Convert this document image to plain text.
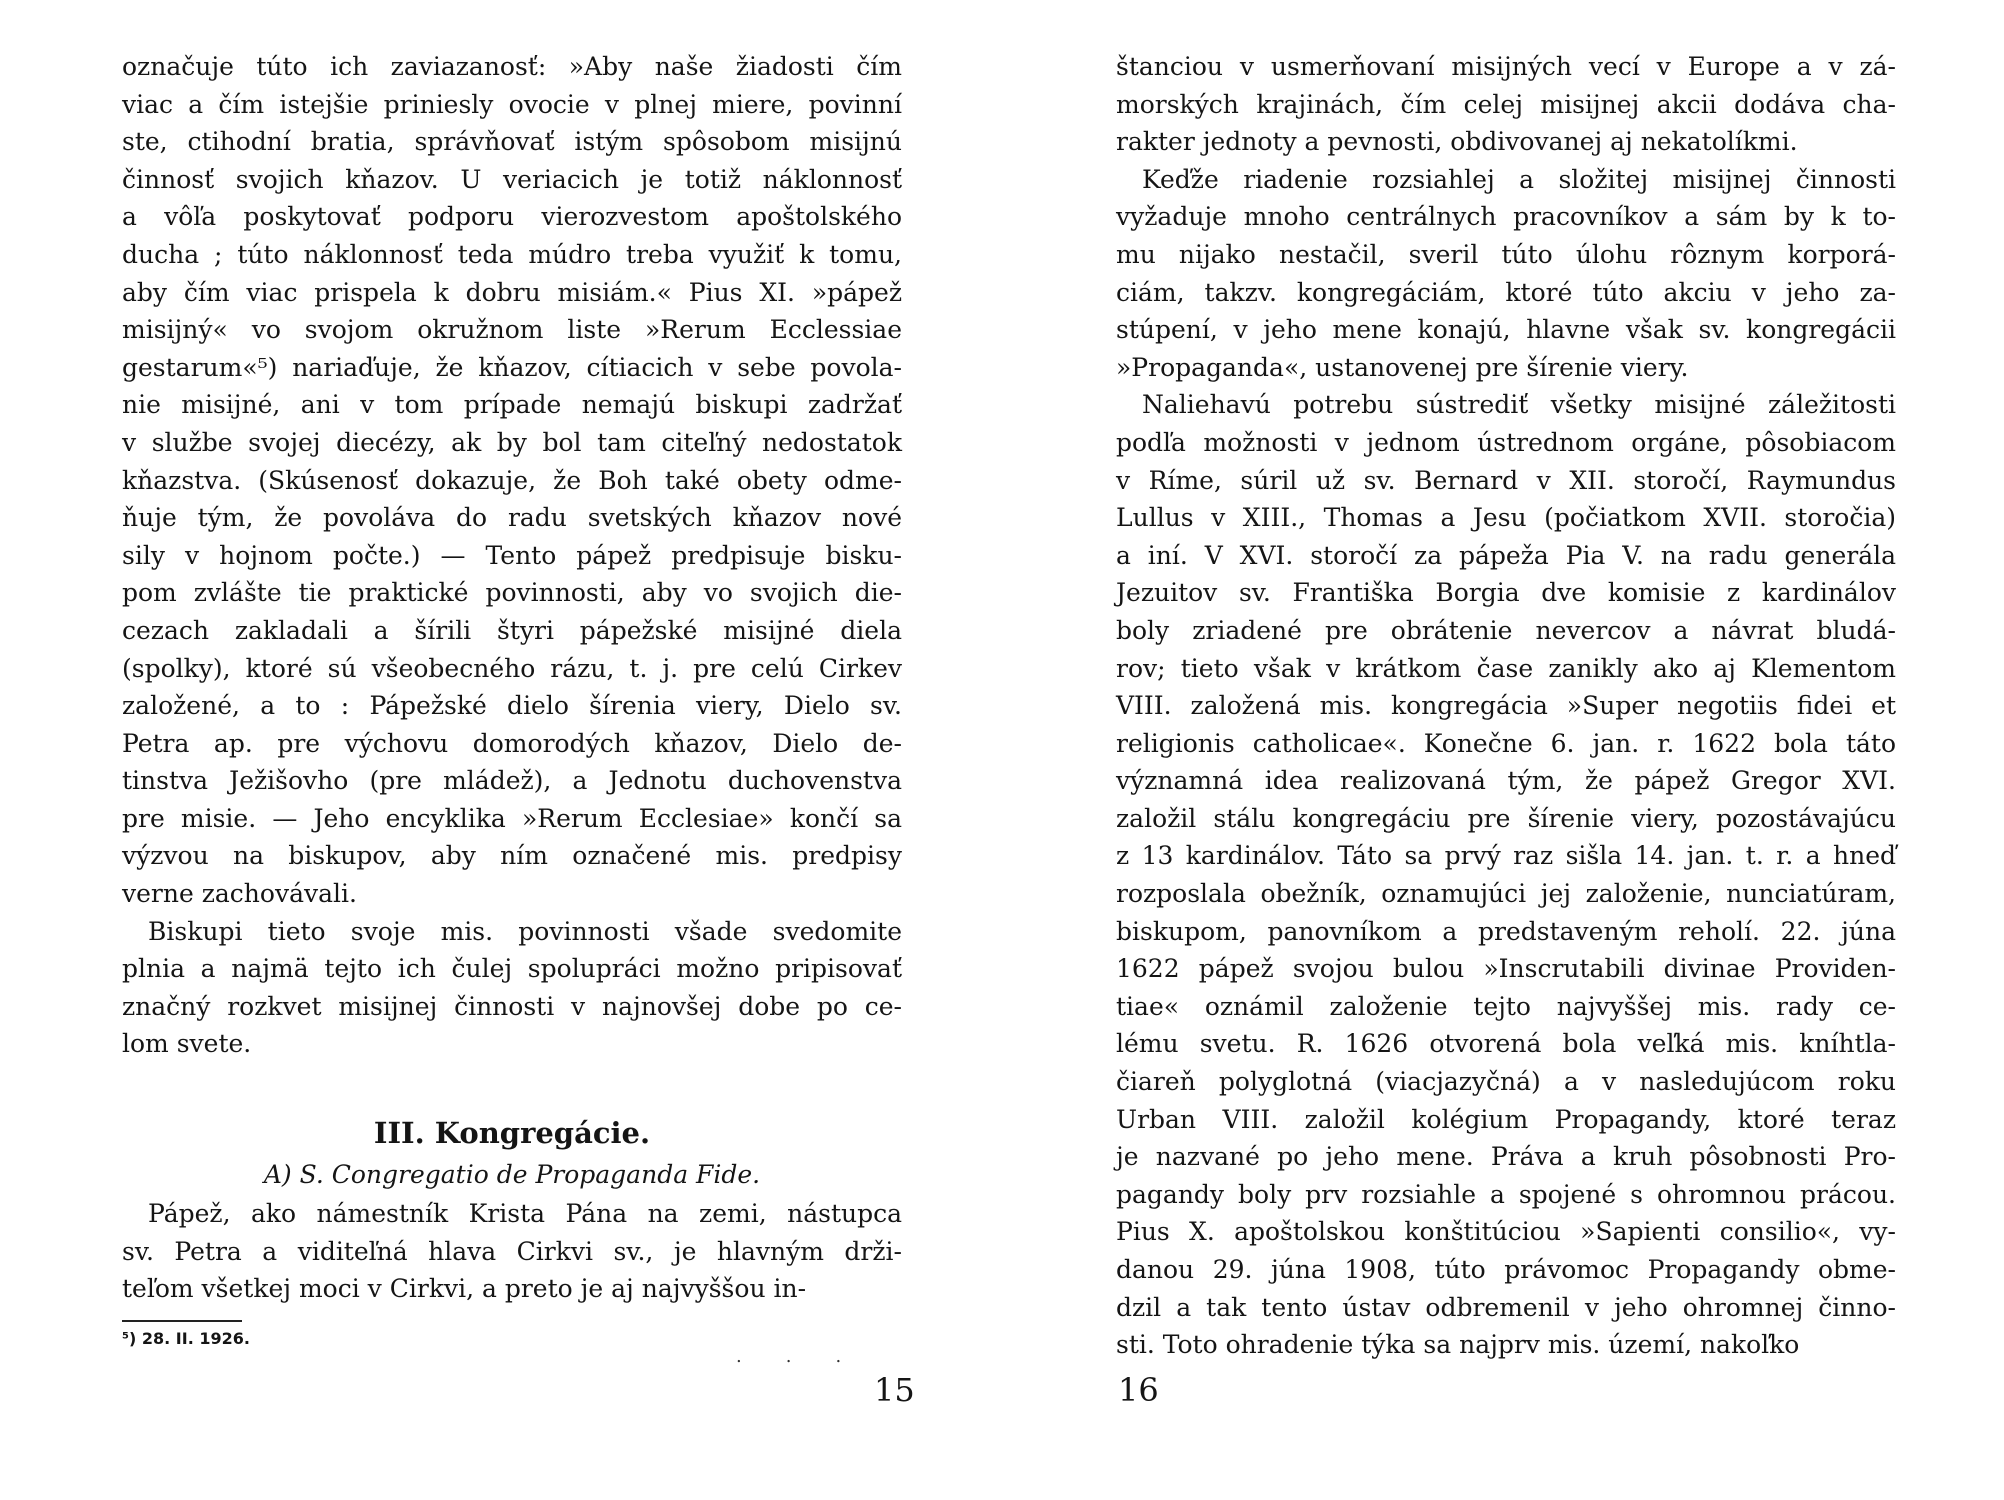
označuje túto ich zaviazanosť: »Aby naše žiadosti čím
viac a čím istejšie priniesly ovocie v plnej miere, povinní
ste, ctihodní bratia, správňovať istým spôsobom misijnú
činnosť svojich kňazov. U veriacich je totiž náklonnosť
a vôľa poskytovať podporu vierozvestom apoštolského
ducha ; túto náklonnosť teda múdro treba využiť k tomu,
aby čím viac prispela k dobru misiám.« Pius XI. »pápež
misijný« vo svojom okružnom liste »Rerum Ecclessiae
gestarum«⁵) nariaďuje, že kňazov, cítiacich v sebe povola-
nie misijné, ani v tom prípade nemajú biskupi zadržať
v službe svojej diecézy, ak by bol tam citeľný nedostatok
kňazstva. (Skúsenosť dokazuje, že Boh také obety odme-
ňuje tým, že povoláva do radu svetských kňazov nové
sily v hojnom počte.) — Tento pápež predpisuje bisku-
pom zvlášte tie praktické povinnosti, aby vo svojich die-
cezach zakladali a šírili štyri pápežské misijné diela
(spolky), ktoré sú všeobecného rázu, t. j. pre celú Cirkev
založené, a to : Pápežské dielo šírenia viery, Dielo sv.
Petra ap. pre výchovu domorodých kňazov, Dielo de-
tinstva Ježišovho (pre mládež), a Jednotu duchovenstva
pre misie. — Jeho encyklika »Rerum Ecclesiae» končí sa
výzvou na biskupov, aby ním označené mis. predpisy
verne zachovávali.
Biskupi tieto svoje mis. povinnosti všade svedomite
plnia a najmä tejto ich čulej spolupráci možno pripisovať
značný rozkvet misijnej činnosti v najnovšej dobe po ce-
lom svete.
III. Kongregácie.
A) S. Congregatio de Propaganda Fide.
Pápež, ako námestník Krista Pána na zemi, nástupca
sv. Petra a viditeľná hlava Cirkvi sv., je hlavným drži-
teľom všetkej moci v Cirkvi, a preto je aj najvyššou in-
⁵) 28. II. 1926.
...
15
štanciou v usmerňovaní misijných vecí v Europe a v zá-
morských krajinách, čím celej misijnej akcii dodáva cha-
rakter jednoty a pevnosti, obdivovanej aj nekatolíkmi.
Keďže riadenie rozsiahlej a složitej misijnej činnosti
vyžaduje mnoho centrálnych pracovníkov a sám by k to-
mu nijako nestačil, sveril túto úlohu rôznym korporá-
ciám, takzv. kongregáciám, ktoré túto akciu v jeho za-
stúpení, v jeho mene konajú, hlavne však sv. kongregácii
»Propaganda«, ustanovenej pre šírenie viery.
Naliehavú potrebu sústrediť všetky misijné záležitosti
podľa možnosti v jednom ústrednom orgáne, pôsobiacom
v Ríme, súril už sv. Bernard v XII. storočí, Raymundus
Lullus v XIII., Thomas a Jesu (počiatkom XVII. storočia)
a iní. V XVI. storočí za pápeža Pia V. na radu generála
Jezuitov sv. Františka Borgia dve komisie z kardinálov
boly zriadené pre obrátenie nevercov a návrat bludá-
rov; tieto však v krátkom čase zanikly ako aj Klementom
VIII. založená mis. kongregácia »Super negotiis fidei et
religionis catholicae«. Konečne 6. jan. r. 1622 bola táto
významná idea realizovaná tým, že pápež Gregor XVI.
založil stálu kongregáciu pre šírenie viery, pozostávajúcu
z 13 kardinálov. Táto sa prvý raz sišla 14. jan. t. r. a hneď
rozposlala obežník, oznamujúci jej založenie, nunciatúram,
biskupom, panovníkom a predstaveným reholí. 22. júna
1622 pápež svojou bulou »Inscrutabili divinae Providen-
tiae« oznámil založenie tejto najvyššej mis. rady ce-
lému svetu. R. 1626 otvorená bola veľká mis. kníhtla-
čiareň polyglotná (viacjazyčná) a v nasledujúcom roku
Urban VIII. založil kolégium Propagandy, ktoré teraz
je nazvané po jeho mene. Práva a kruh pôsobnosti Pro-
pagandy boly prv rozsiahle a spojené s ohromnou prácou.
Pius X. apoštolskou konštitúciou »Sapienti consilio«, vy-
danou 29. júna 1908, túto právomoc Propagandy obme-
dzil a tak tento ústav odbremenil v jeho ohromnej činno-
sti. Toto ohradenie týka sa najprv mis. území, nakoľko
16
